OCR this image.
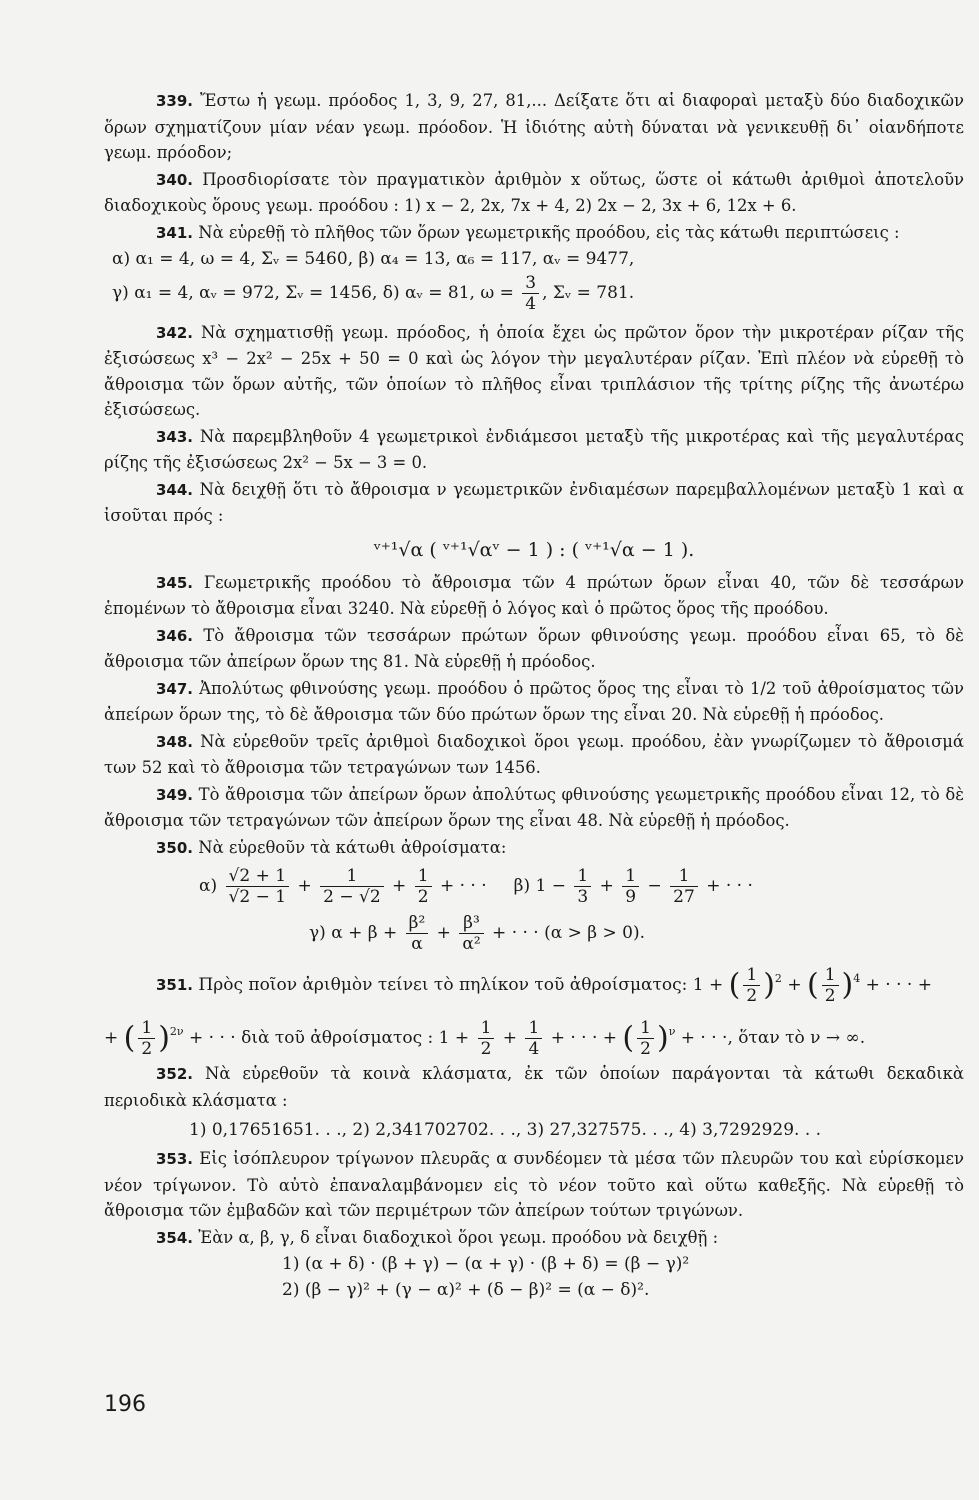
339. Ἔστω ἡ γεωμ. πρόοδος 1, 3, 9, 27, 81,... Δείξατε ὅτι αἱ διαφοραὶ μεταξὺ δύο διαδοχικῶν ὅρων σχηματίζουν μίαν νέαν γεωμ. πρόοδον. Ἡ ἰδιότης αὐτὴ δύναται νὰ γενικευθῇ δι᾽ οἱανδήποτε γεωμ. πρόοδον;

340. Προσδιορίσατε τὸν πραγματικὸν ἀριθμὸν x οὕτως, ὥστε οἱ κάτωθι ἀριθμοὶ ἀποτελοῦν διαδοχικοὺς ὅρους γεωμ. προόδου : 1) x − 2, 2x, 7x + 4, 2) 2x − 2, 3x + 6, 12x + 6.

341. Νὰ εὑρεθῇ τὸ πλῆθος τῶν ὅρων γεωμετρικῆς προόδου, εἰς τὰς κάτωθι περιπτώσεις :

α) α₁ = 4, ω = 4, Σᵥ = 5460, β) α₄ = 13, α₆ = 117, αᵥ = 9477,
γ) α₁ = 4, αᵥ = 972, Σᵥ = 1456, δ) αᵥ = 81, $\omega = \frac{3}{4}$ , Σᵥ = 781.

342. Νὰ σχηματισθῇ γεωμ. πρόοδος, ἡ ὁποία ἔχει ὡς πρῶτον ὅρον τὴν μικροτέραν ρίζαν τῆς ἐξισώσεως x³ − 2x² − 25x + 50 = 0 καὶ ὡς λόγον τὴν μεγαλυτέραν ρίζαν. Ἐπὶ πλέον νὰ εὑρεθῇ τὸ ἄθροισμα τῶν ὅρων αὐτῆς, τῶν ὁποίων τὸ πλῆθος εἶναι τριπλάσιον τῆς τρίτης ρίζης τῆς ἀνωτέρω ἐξισώσεως.

343. Νὰ παρεμβληθοῦν 4 γεωμετρικοὶ ἐνδιάμεσοι μεταξὺ τῆς μικροτέρας καὶ τῆς μεγαλυτέρας ρίζης τῆς ἐξισώσεως 2x² − 5x − 3 = 0.

344. Νὰ δειχθῇ ὅτι τὸ ἄθροισμα ν γεωμετρικῶν ἐνδιαμέσων παρεμβαλλομένων μεταξὺ 1 καὶ α ἰσοῦται πρός :

ᵛ⁺¹√α ( ᵛ⁺¹√αᵛ − 1 ) : ( ᵛ⁺¹√α − 1 ).

345. Γεωμετρικῆς προόδου τὸ ἄθροισμα τῶν 4 πρώτων ὅρων εἶναι 40, τῶν δὲ τεσσάρων ἑπομένων τὸ ἄθροισμα εἶναι 3240. Νὰ εὑρεθῇ ὁ λόγος καὶ ὁ πρῶτος ὅρος τῆς προόδου.

346. Τὸ ἄθροισμα τῶν τεσσάρων πρώτων ὅρων φθινούσης γεωμ. προόδου εἶναι 65, τὸ δὲ ἄθροισμα τῶν ἀπείρων ὅρων της 81. Νὰ εὑρεθῇ ἡ πρόοδος.

347. Ἀπολύτως φθινούσης γεωμ. προόδου ὁ πρῶτος ὅρος της εἶναι τὸ 1/2 τοῦ ἀθροίσματος τῶν ἀπείρων ὅρων της, τὸ δὲ ἄθροισμα τῶν δύο πρώτων ὅρων της εἶναι 20. Νὰ εὑρεθῇ ἡ πρόοδος.

348. Νὰ εὑρεθοῦν τρεῖς ἀριθμοὶ διαδοχικοὶ ὅροι γεωμ. προόδου, ἐὰν γνωρίζωμεν τὸ ἄθροισμά των 52 καὶ τὸ ἄθροισμα τῶν τετραγώνων των 1456.

349. Τὸ ἄθροισμα τῶν ἀπείρων ὅρων ἀπολύτως φθινούσης γεωμετρικῆς προόδου εἶναι 12, τὸ δὲ ἄθροισμα τῶν τετραγώνων τῶν ἀπείρων ὅρων της εἶναι 48. Νὰ εὑρεθῇ ἡ πρόοδος.

350. Νὰ εὑρεθοῦν τὰ κάτωθι ἀθροίσματα:

$\alpha) \frac{√2 + 1}{√2 - 1} + \frac{1}{2 - √2} + \frac{1}{2}$ + · · · β) $1 - \frac{1}{3} + \frac{1}{9} - \frac{1}{27}$ + · · ·
γ) $\alpha + \beta + \frac{\text{β²}}{\alpha} + \frac{\text{β³}}{\text{α²}}$ + · · · (α > β > 0).
351. Πρὸς ποῖον ἀριθμὸν τείνει τὸ πηλίκον τοῦ ἀθροίσματος: 1 + ( $\frac{1}{2} )^2$ + ( $\frac{1}{2} )^4$ + · · · +
+ ( $\frac{1}{2} )^{2\nu}$ + · · · διὰ τοῦ ἀθροίσματος : $1 + \frac{1}{2} + \frac{1}{4}$ + · · · + ( $\frac{1}{2} )^\nu$ + · · ·, ὅταν τὸ ν → ∞.

352. Νὰ εὑρεθοῦν τὰ κοινὰ κλάσματα, ἐκ τῶν ὁποίων παράγονται τὰ κάτωθι δεκαδικὰ περιοδικὰ κλάσματα :

1) 0,17651651. . ., 2) 2,341702702. . ., 3) 27,327575. . ., 4) 3,7292929. . .

353. Εἰς ἰσόπλευρον τρίγωνον πλευρᾶς α συνδέομεν τὰ μέσα τῶν πλευρῶν του καὶ εὑρίσκομεν νέον τρίγωνον. Τὸ αὐτὸ ἐπαναλαμβάνομεν εἰς τὸ νέον τοῦτο καὶ οὕτω καθεξῆς. Νὰ εὑρεθῇ τὸ ἄθροισμα τῶν ἐμβαδῶν καὶ τῶν περιμέτρων τῶν ἀπείρων τούτων τριγώνων.

354. Ἐὰν α, β, γ, δ εἶναι διαδοχικοὶ ὅροι γεωμ. προόδου νὰ δειχθῇ :

1) (α + δ) · (β + γ) − (α + γ) · (β + δ) = (β − γ)²
2) (β − γ)² + (γ − α)² + (δ − β)² = (α − δ)².
196
